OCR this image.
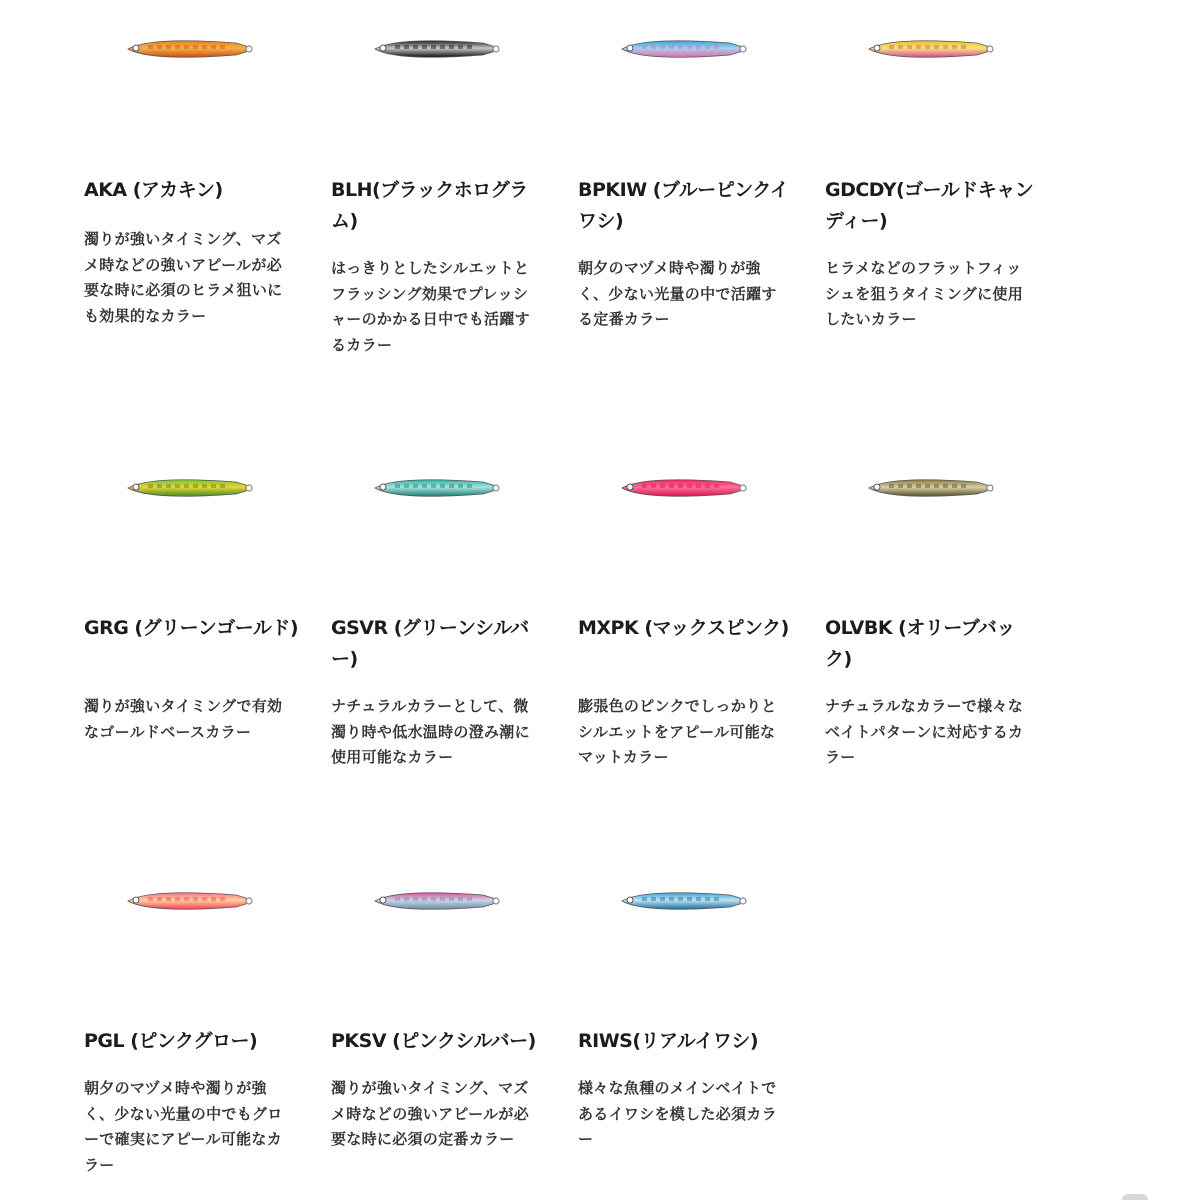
AKA (アカキン)

濁りが強いタイミング、マズメ時などの強いアピールが必要な時に必須のヒラメ狙いにも効果的なカラー

BLH(ブラックホログラム)

はっきりとしたシルエットとフラッシング効果でプレッシャーのかかる日中でも活躍するカラー

BPKIW (ブルーピンクイワシ)

朝夕のマヅメ時や濁りが強く、少ない光量の中で活躍する定番カラー

GDCDY(ゴールドキャンディー)

ヒラメなどのフラットフィッシュを狙うタイミングに使用したいカラー

GRG (グリーンゴールド)

濁りが強いタイミングで有効なゴールドベースカラー

GSVR (グリーンシルバー)

ナチュラルカラーとして、微濁り時や低水温時の澄み潮に使用可能なカラー

MXPK (マックスピンク)

膨張色のピンクでしっかりとシルエットをアピール可能なマットカラー

OLVBK (オリーブバック)

ナチュラルなカラーで様々なベイトパターンに対応するカラー

PGL (ピンクグロー)

朝夕のマヅメ時や濁りが強く、少ない光量の中でもグローで確実にアピール可能なカラー

PKSV (ピンクシルバー)

濁りが強いタイミング、マズメ時などの強いアピールが必要な時に必須の定番カラー

RIWS(リアルイワシ)

様々な魚種のメインベイトであるイワシを模した必須カラー
